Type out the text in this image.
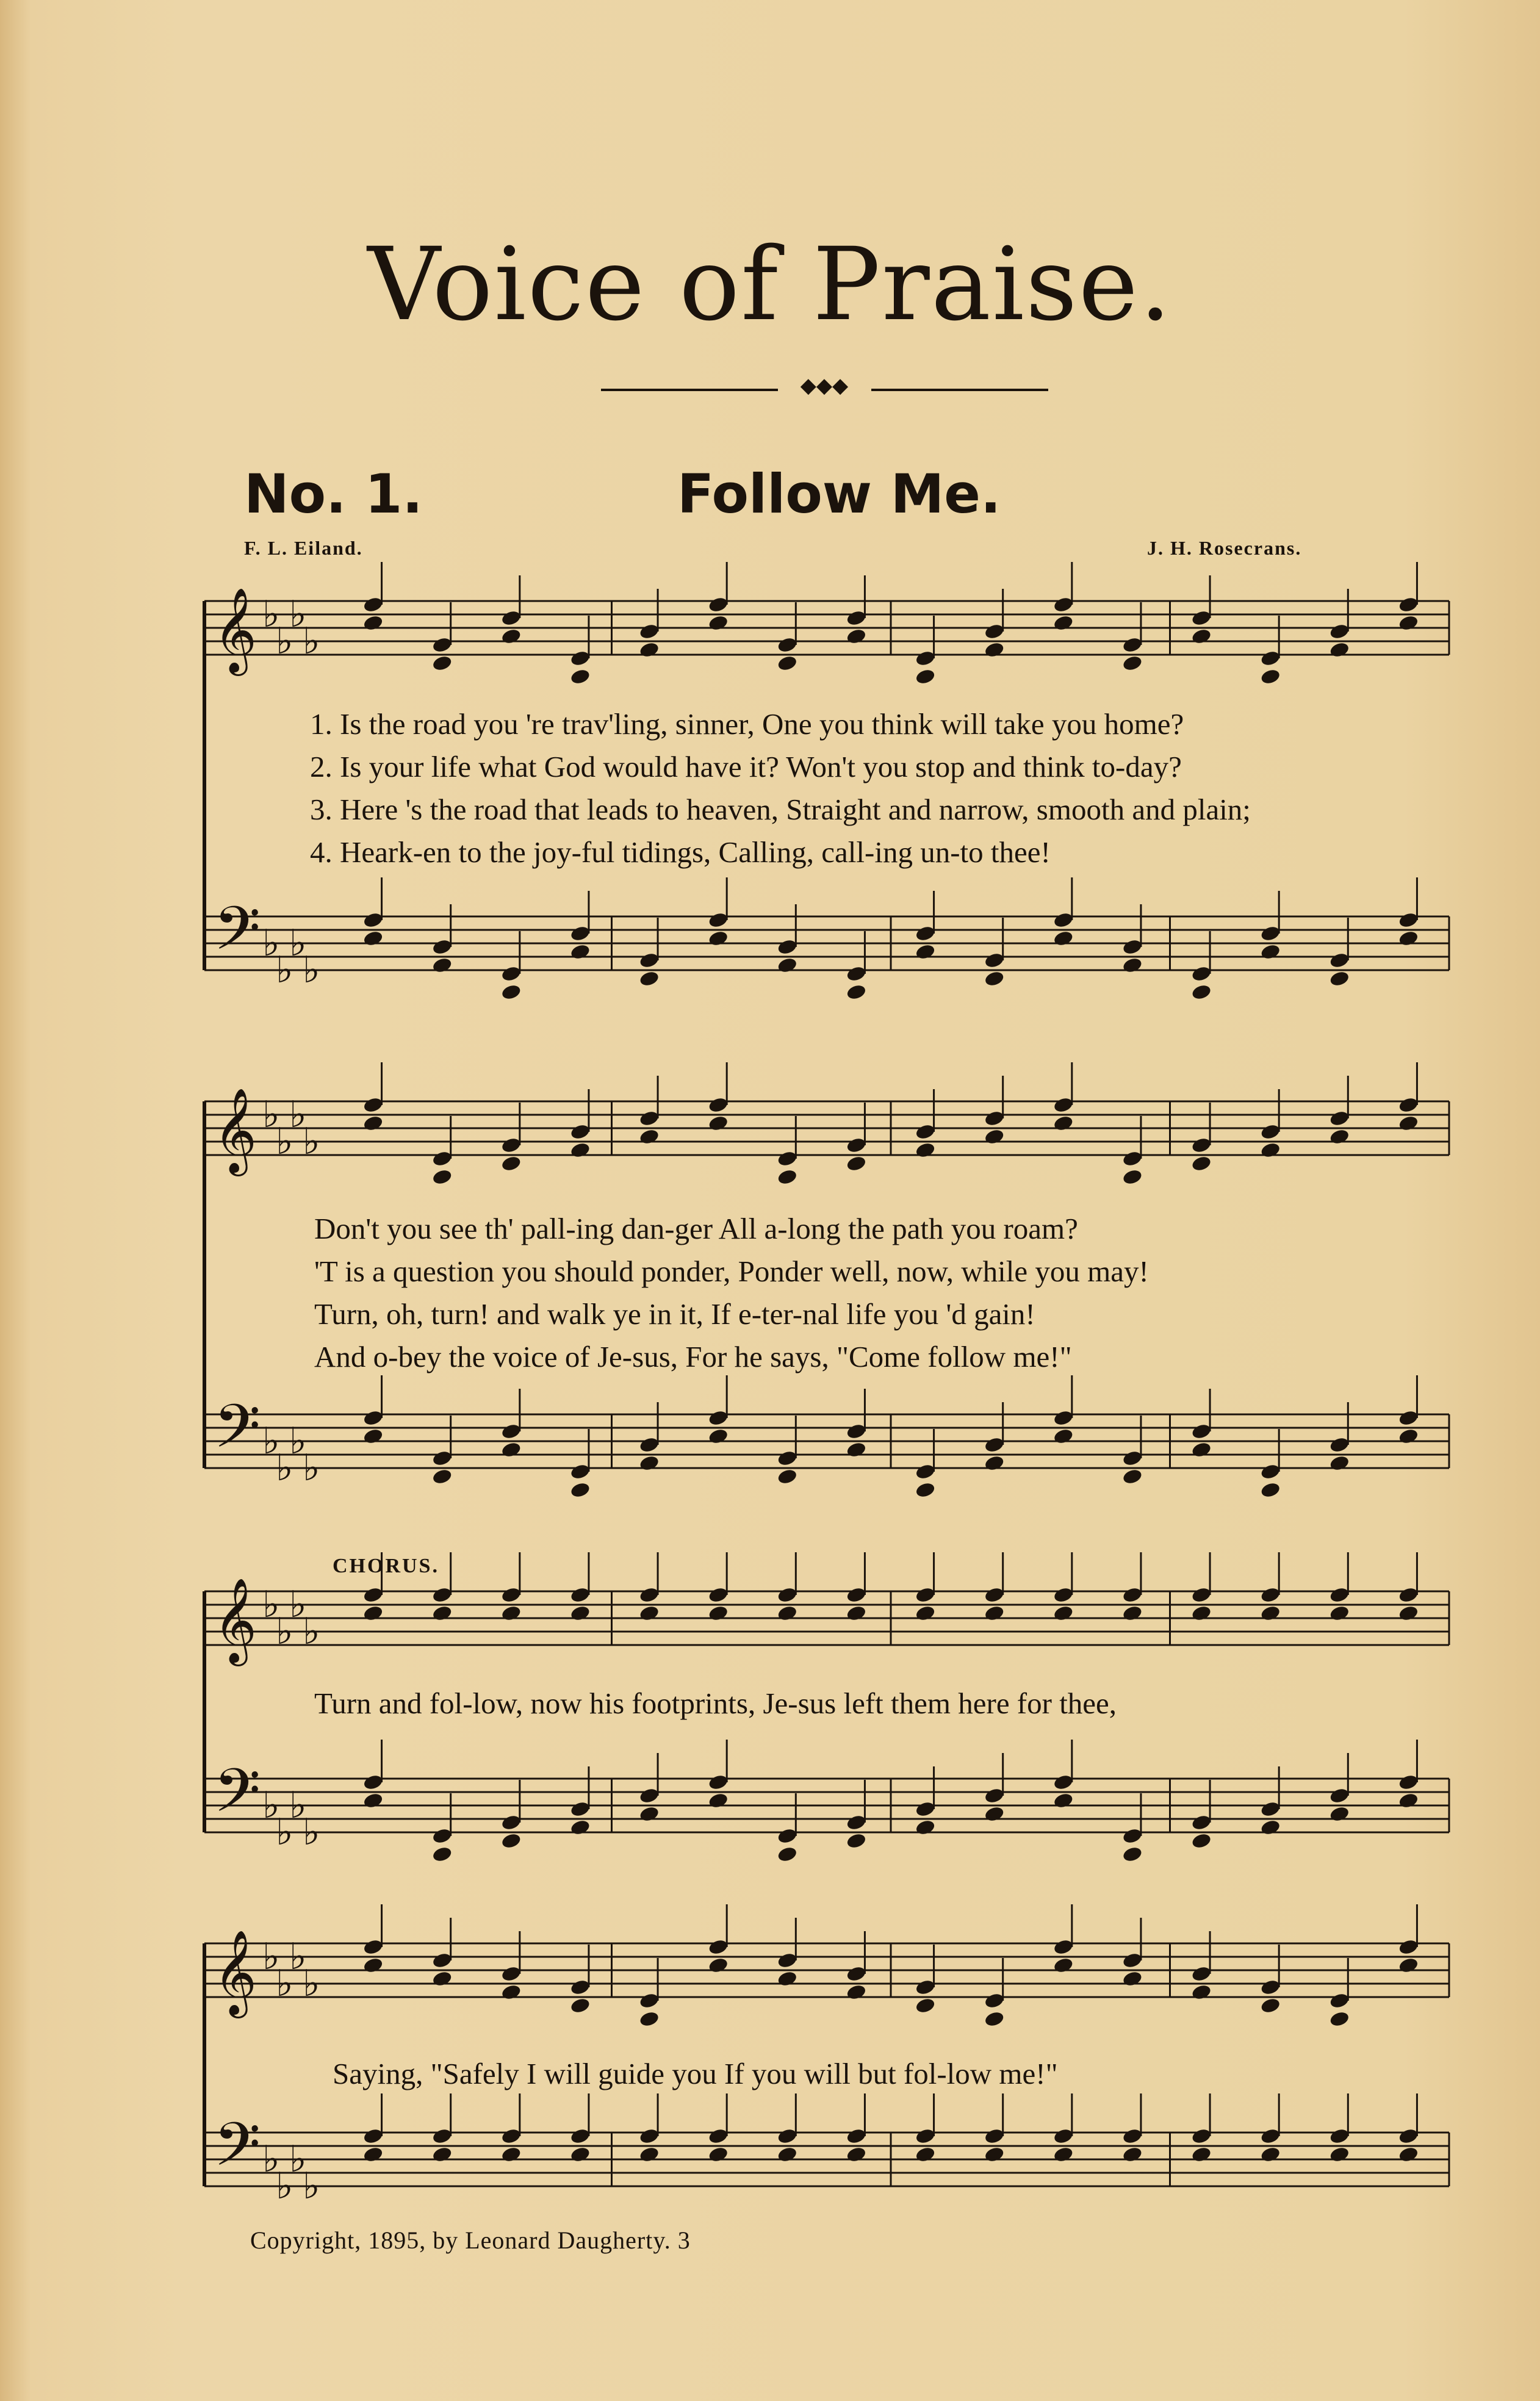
Voice of Praise.
◆◆◆
No. 1.	Follow Me.
F. L. Eiland.	J. H. Rosecrans.
𝄞
𝄢
♭
♭
♭
♭
♭
♭
♭
♭
𝄞
𝄢
♭
♭
♭
♭
♭
♭
♭
♭
𝄞
𝄢
♭
♭
♭
♭
♭
♭
♭
♭
𝄞
𝄢
♭
♭
♭
♭
♭
♭
♭
♭
1. Is the road you 're trav'ling, sinner, One you think will take you home?
2. Is your life what God would have it? Won't you stop and think to-day?
3. Here 's the road that leads to heaven, Straight and narrow, smooth and plain;
4. Heark-en to the joy-ful tidings, Calling, call-ing un-to thee!
Don't you see th' pall-ing dan-ger All a-long the path you roam?
'T is a question you should ponder, Ponder well, now, while you may!
Turn, oh, turn! and walk ye in it, If e-ter-nal life you 'd gain!
And o-bey the voice of Je-sus, For he says, "Come follow me!"
CHORUS.
Turn and fol-low, now his footprints, Je-sus left them here for thee,
Saying, "Safely I will guide you If you will but fol-low me!"
Copyright, 1895, by Leonard Daugherty. 3
